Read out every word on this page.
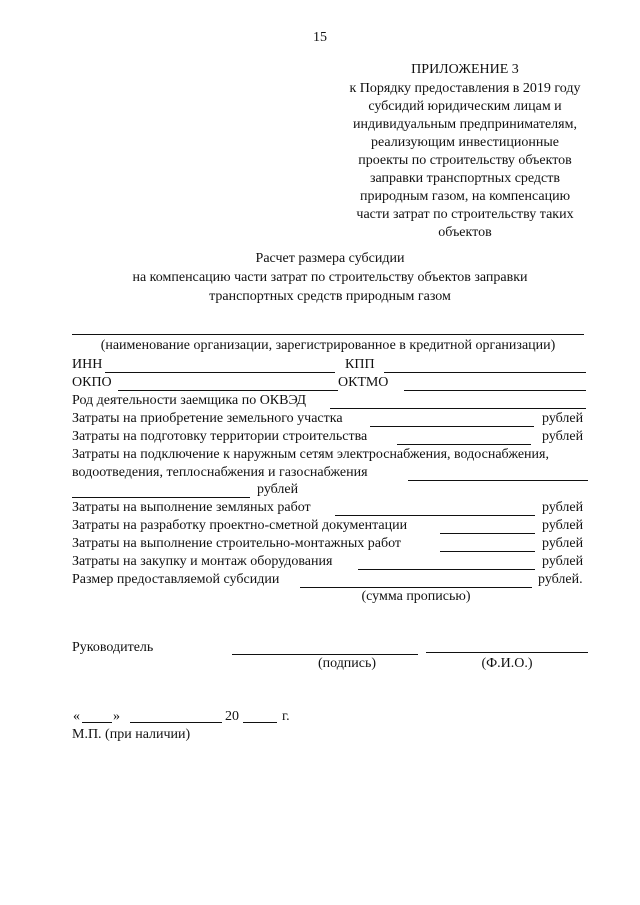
15
ПРИЛОЖЕНИЕ 3
к Порядку предоставления в 2019 году
субсидий юридическим лицам и
индивидуальным предпринимателям,
реализующим инвестиционные
проекты по строительству объектов
заправки транспортных средств
природным газом, на компенсацию
части затрат по строительству таких
объектов
Расчет размера субсидии
на компенсацию части затрат по строительству объектов заправки
транспортных средств природным газом
(наименование организации, зарегистрированное в кредитной организации)
ИНН	КПП
ОКПО	ОКТМО
Род деятельности заемщика по ОКВЭД
Затраты на приобретение земельного участка	рублей
Затраты на подготовку территории строительства	рублей
Затраты на подключение к наружным сетям электроснабжения, водоснабжения,
водоотведения, теплоснабжения и газоснабжения
рублей
Затраты на выполнение земляных работ	рублей
Затраты на разработку проектно-сметной документации	рублей
Затраты на выполнение строительно-монтажных работ	рублей
Затраты на закупку и монтаж оборудования	рублей
Размер предоставляемой субсидии	рублей.
(сумма прописью)
Руководитель
(подпись)	(Ф.И.О.)
« »	20	г.
М.П. (при наличии)
